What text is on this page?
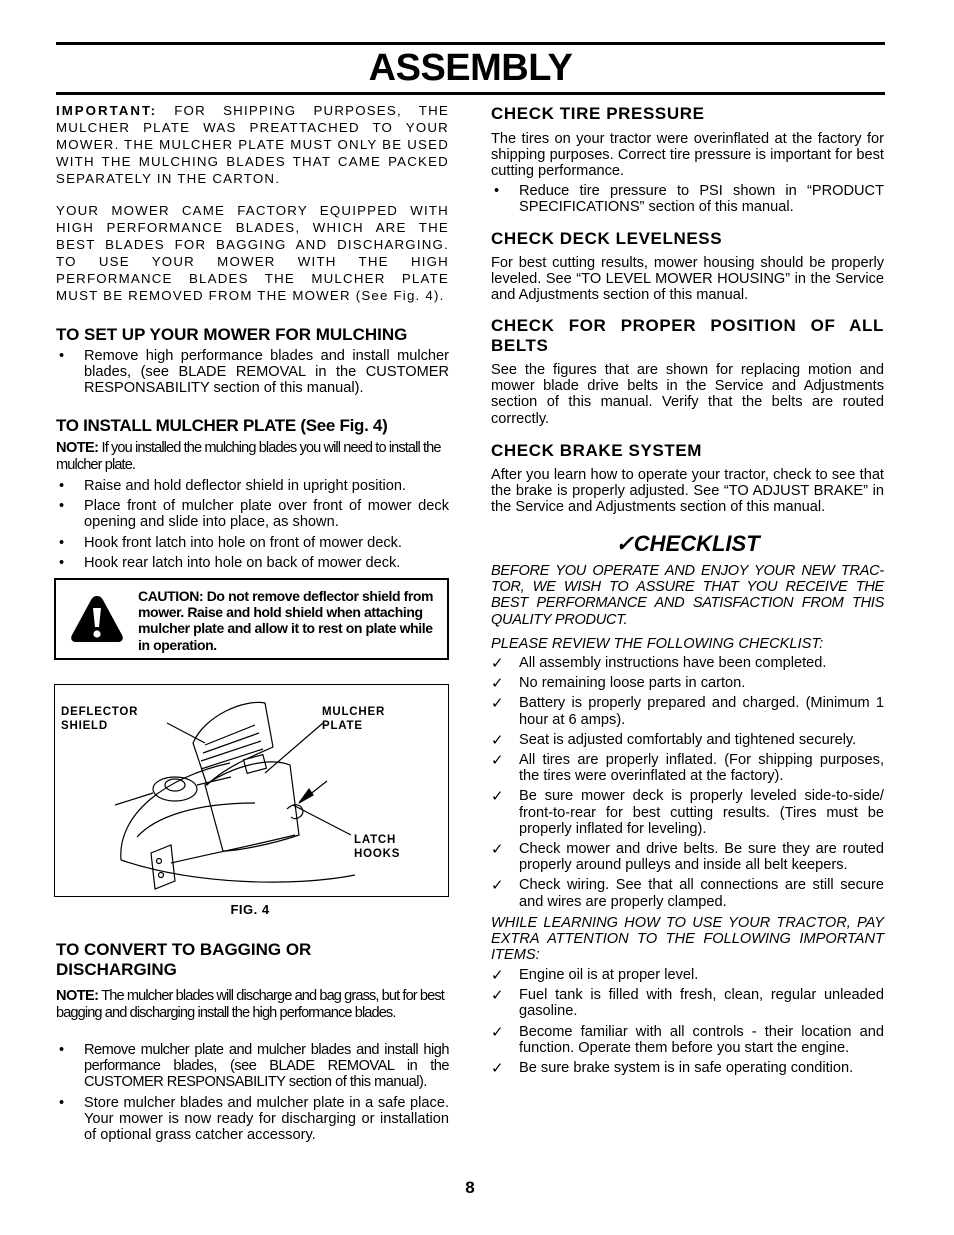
ASSEMBLY
IMPORTANT: FOR SHIPPING PURPOSES, THE MULCHER PLATE WAS PREATTACHED TO YOUR MOWER. THE MULCHER PLATE MUST ONLY BE USED WITH THE MULCHING BLADES THAT CAME PACKED SEPARATELY IN THE CARTON.
YOUR MOWER CAME FACTORY EQUIPPED WITH HIGH PERFORMANCE BLADES, WHICH ARE THE BEST BLADES FOR BAGGING AND DISCHARGING. TO USE YOUR MOWER WITH THE HIGH PERFORMANCE BLADES THE MULCHER PLATE MUST BE REMOVED FROM THE MOWER (See Fig. 4).
TO SET UP YOUR MOWER FOR MULCHING
• Remove high performance blades and install mulcher blades, (see BLADE REMOVAL in the CUSTOMER RESPONSABILITY section of this manual).
TO INSTALL MULCHER PLATE (See Fig. 4)
NOTE: If you installed the mulching blades you will need to install the mulcher plate.
• Raise and hold deflector shield in upright position.
• Place front of mulcher plate over front of mower deck opening and slide into place, as shown.
• Hook front latch into hole on front of mower deck.
• Hook rear latch into hole on back of mower deck.
CAUTION: Do not remove deflector shield from mower. Raise and hold shield when attaching mulcher plate and allow it to rest on plate while in operation.
DEFLECTOR
SHIELD
MULCHER
PLATE
LATCH
HOOKS
FIG. 4
TO CONVERT TO BAGGING OR
DISCHARGING
NOTE: The mulcher blades will discharge and bag grass, but for best bagging and discharging install the high performance blades.
• Remove mulcher plate and mulcher blades and install high performance blades, (see BLADE REMOVAL in the CUSTOMER RESPONSABILITY section of this manual).
• Store mulcher blades and mulcher plate in a safe place. Your mower is now ready for discharging or installation of optional grass catcher accessory.
CHECK TIRE PRESSURE
The tires on your tractor were overinflated at the factory for shipping purposes. Correct tire pressure is important for best cutting performance.
• Reduce tire pressure to PSI shown in “PRODUCT SPECIFICATIONS” section of this manual.
CHECK DECK LEVELNESS
For best cutting results, mower housing should be properly leveled. See “TO LEVEL MOWER HOUSING” in the Service and Adjustments section of this manual.
CHECK FOR PROPER POSITION OF ALL
BELTS
See the figures that are shown for replacing motion and mower blade drive belts in the Service and Adjustments section of this manual. Verify that the belts are routed correctly.
CHECK BRAKE SYSTEM
After you learn how to operate your tractor, check to see that the brake is properly adjusted. See “TO ADJUST BRAKE” in the Service and Adjustments section of this manual.
✓CHECKLIST
BEFORE YOU OPERATE AND ENJOY YOUR NEW TRAC-TOR, WE WISH TO ASSURE THAT YOU RECEIVE THE BEST PERFORMANCE AND SATISFACTION FROM THIS QUALITY PRODUCT.
PLEASE REVIEW THE FOLLOWING CHECKLIST:
✓ All assembly instructions have been completed.
✓ No remaining loose parts in carton.
✓ Battery is properly prepared and charged. (Minimum 1 hour at 6 amps).
✓ Seat is adjusted comfortably and tightened securely.
✓ All tires are properly inflated. (For shipping purposes, the tires were overinflated at the factory).
✓ Be sure mower deck is properly leveled side-to-side/ front-to-rear for best cutting results. (Tires must be properly inflated for leveling).
✓ Check mower and drive belts. Be sure they are routed properly around pulleys and inside all belt keepers.
✓ Check wiring. See that all connections are still secure and wires are properly clamped.
WHILE LEARNING HOW TO USE YOUR TRACTOR, PAY EXTRA ATTENTION TO THE FOLLOWING IMPORTANT ITEMS:
✓ Engine oil is at proper level.
✓ Fuel tank is filled with fresh, clean, regular unleaded gasoline.
✓ Become familiar with all controls - their location and function. Operate them before you start the engine.
✓ Be sure brake system is in safe operating condition.
8
